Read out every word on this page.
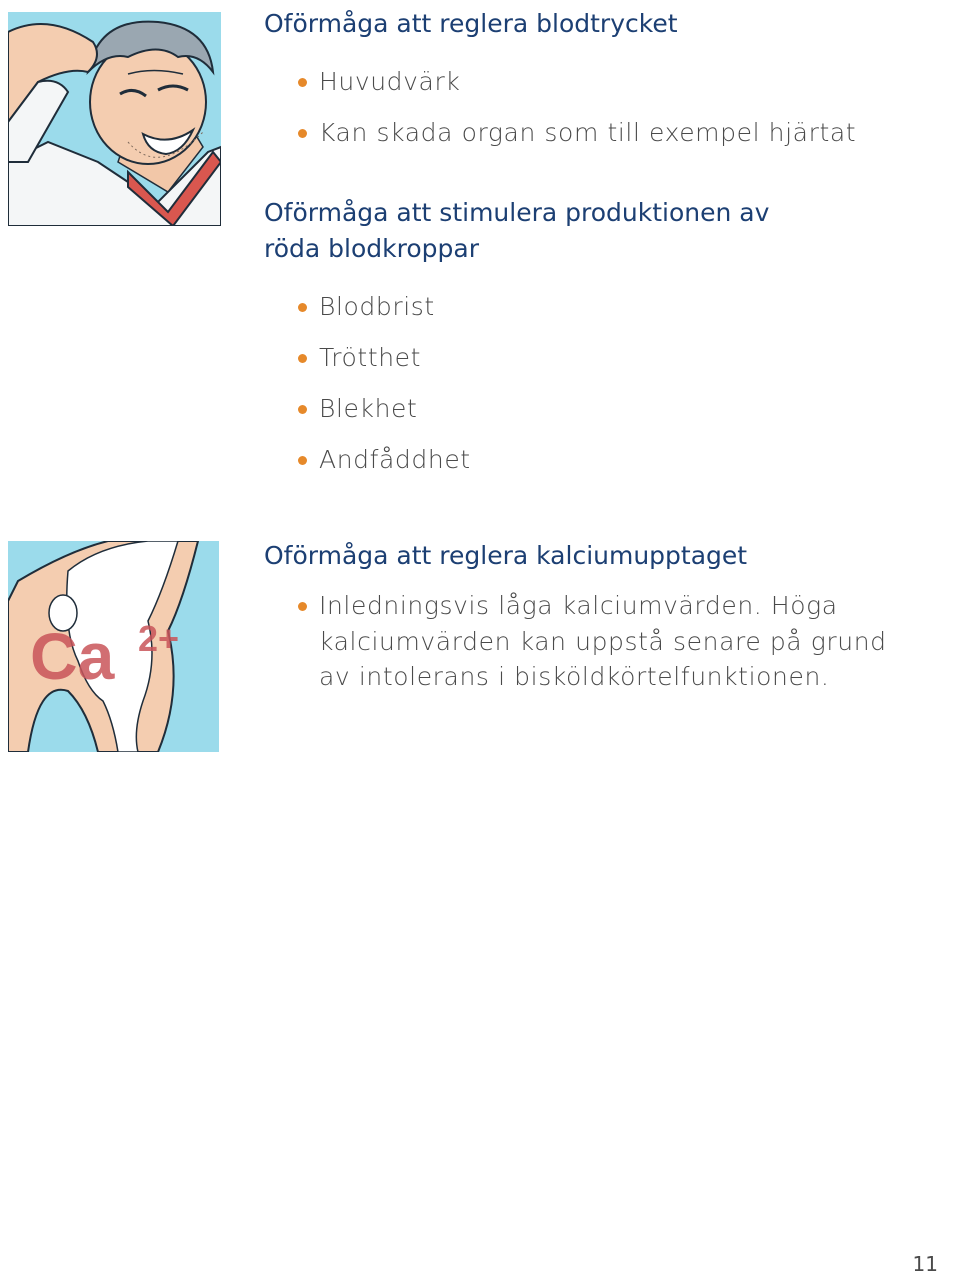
Oförmåga att reglera blodtrycket
Huvudvärk
Kan skada organ som till exempel hjärtat
Oförmåga att stimulera produktionen av röda blodkroppar
Blodbrist
Trötthet
Blekhet
Andfåddhet
Ca 2+
Oförmåga att reglera kalciumupptaget
Inledningsvis låga kalciumvärden. Höga kalciumvärden kan uppstå senare på grund av intolerans i bisköldkörtelfunktionen.
11
